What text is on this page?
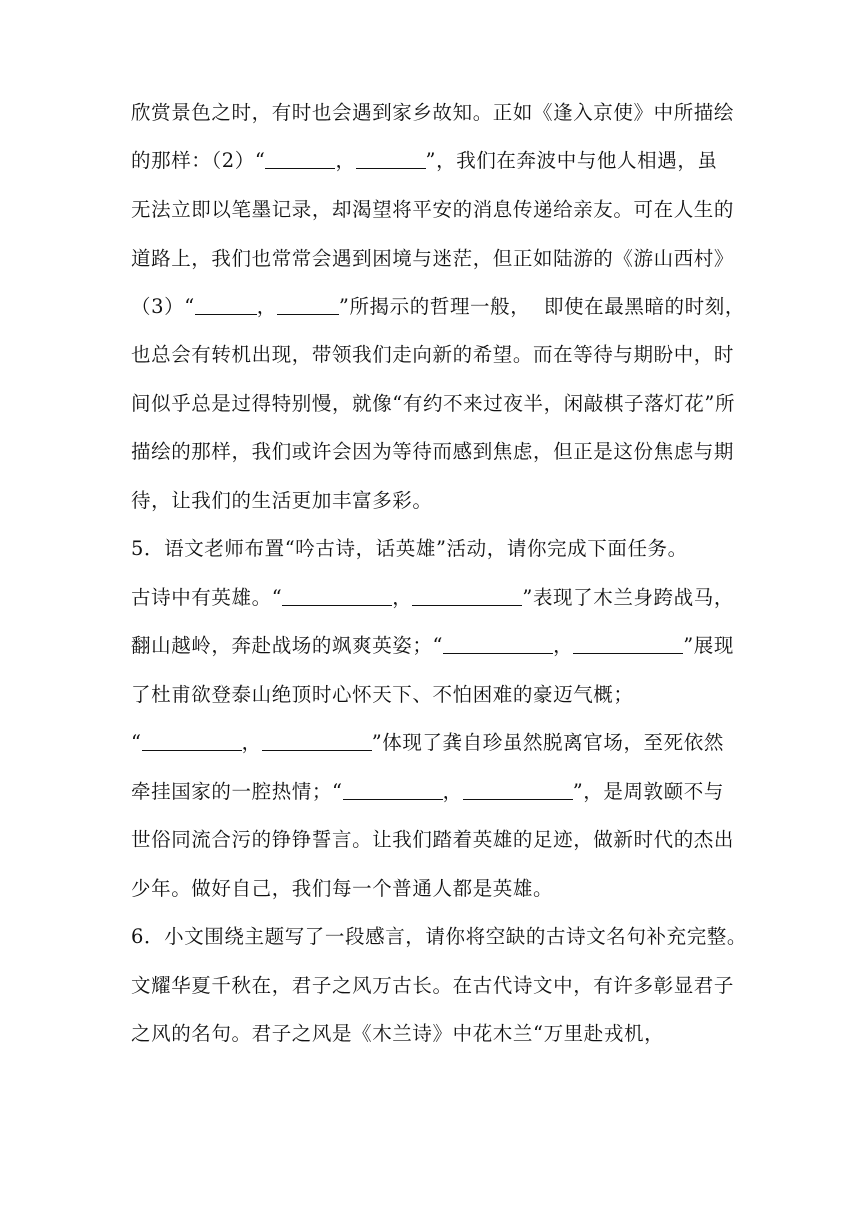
欣赏景色之时，有时也会遇到家乡故知。正如《逢入京使》中所描绘
的那样：（2）“	，	”，我们在奔波中与他人相遇，虽
无法立即以笔墨记录，却渴望将平安的消息传递给亲友。可在人生的
道路上，我们也常常会遇到困境与迷茫，但正如陆游的《游山西村》
（3）“	，	”所揭示的哲理一般，  即使在最黑暗的时刻，
也总会有转机出现，带领我们走向新的希望。而在等待与期盼中，时
间似乎总是过得特别慢，就像“有约不来过夜半，闲敲棋子落灯花”所
描绘的那样，我们或许会因为等待而感到焦虑，但正是这份焦虑与期
待，让我们的生活更加丰富多彩。
5．语文老师布置“吟古诗，话英雄”活动，请你完成下面任务。
古诗中有英雄。“	，	”表现了木兰身跨战马，
翻山越岭，奔赴战场的飒爽英姿；“	，	”展现
了杜甫欲登泰山绝顶时心怀天下、不怕困难的豪迈气概；
“	，	”体现了龚自珍虽然脱离官场，至死依然
牵挂国家的一腔热情；“	，	”，是周敦颐不与
世俗同流合污的铮铮誓言。让我们踏着英雄的足迹，做新时代的杰出
少年。做好自己，我们每一个普通人都是英雄。
6．小文围绕主题写了一段感言，请你将空缺的古诗文名句补充完整。
文耀华夏千秋在，君子之风万古长。在古代诗文中，有许多彰显君子
之风的名句。君子之风是《木兰诗》中花木兰“万里赴戎机，
